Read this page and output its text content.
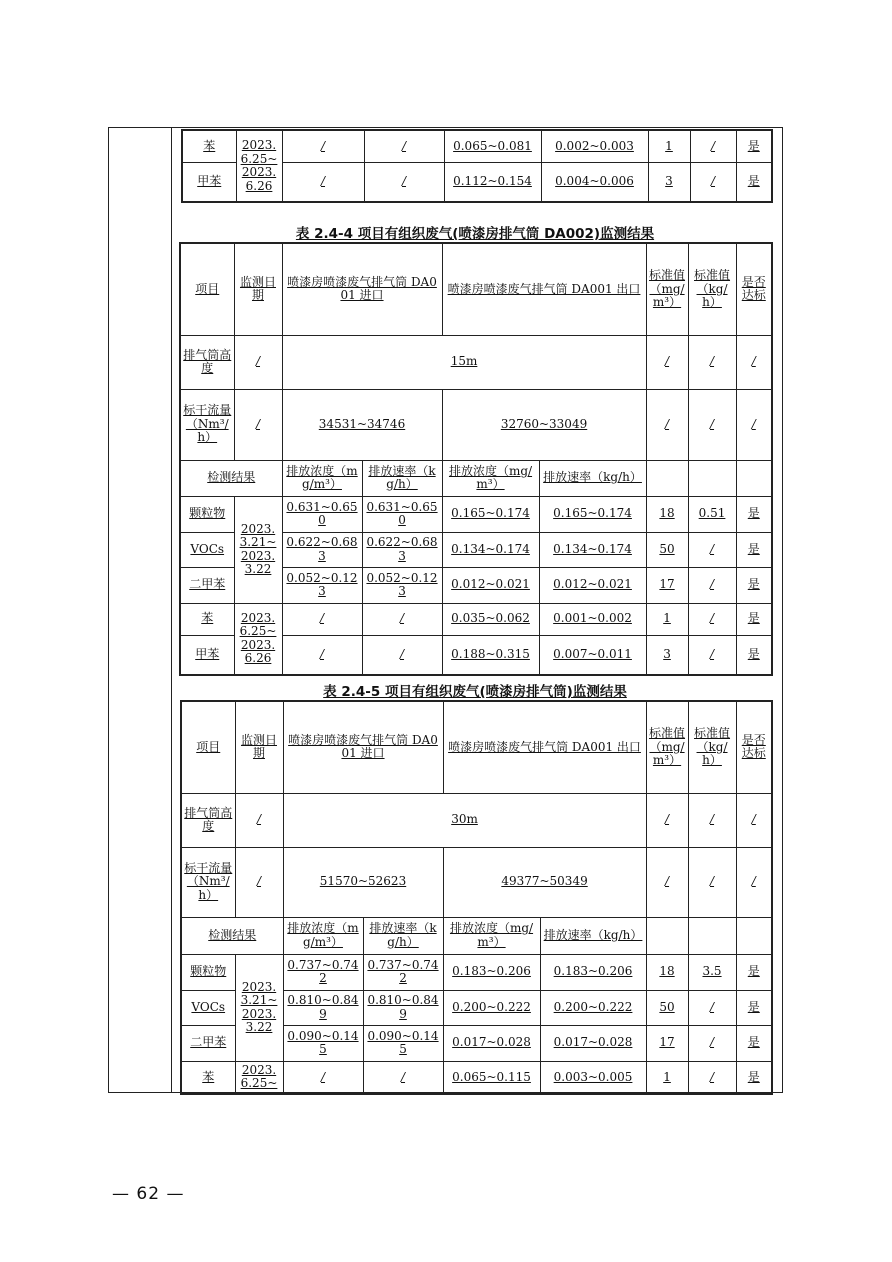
苯	2023.
6.25~
2023.
6.26	/	/	0.065~0.081	0.002~0.003	1	/	是
甲苯		/	/	0.112~0.154	0.004~0.006	3	/	是
表 2.4-4 项目有组织废气(喷漆房排气筒 DA002)监测结果
项目	监测日期	喷漆房喷漆废气排气筒 DA001 进口		喷漆房喷漆废气排气筒 DA001 出口		标准值（mg/m³）	标准值（kg/h）	是否达标
排气筒高度	/	15m				/	/	/
标干流量（Nm³/h）	/	34531~34746		32760~33049		/	/	/
检测结果		排放浓度（mg/m³）	排放速率（kg/h）	排放浓度（mg/m³）	排放速率（kg/h）			
颗粒物	2023.
3.21~
2023.
3.22	0.631~0.650	0.631~0.650	0.165~0.174	0.165~0.174	18	0.51	是
VOCs		0.622~0.683	0.622~0.683	0.134~0.174	0.134~0.174	50	/	是
二甲苯		0.052~0.123	0.052~0.123	0.012~0.021	0.012~0.021	17	/	是
苯	2023.
6.25~
2023.
6.26	/	/	0.035~0.062	0.001~0.002	1	/	是
甲苯		/	/	0.188~0.315	0.007~0.011	3	/	是
表 2.4-5 项目有组织废气(喷漆房排气筒)监测结果
项目	监测日期	喷漆房喷漆废气排气筒 DA001 进口		喷漆房喷漆废气排气筒 DA001 出口		标准值（mg/m³）	标准值（kg/h）	是否达标
排气筒高度	/	30m				/	/	/
标干流量（Nm³/h）	/	51570~52623		49377~50349		/	/	/
检测结果		排放浓度（mg/m³）	排放速率（kg/h）	排放浓度（mg/m³）	排放速率（kg/h）			
颗粒物	2023.
3.21~
2023.
3.22	0.737~0.742	0.737~0.742	0.183~0.206	0.183~0.206	18	3.5	是
VOCs		0.810~0.849	0.810~0.849	0.200~0.222	0.200~0.222	50	/	是
二甲苯		0.090~0.145	0.090~0.145	0.017~0.028	0.017~0.028	17	/	是
苯	2023.
6.25~	/	/	0.065~0.115	0.003~0.005	1	/	是
— 62 —
